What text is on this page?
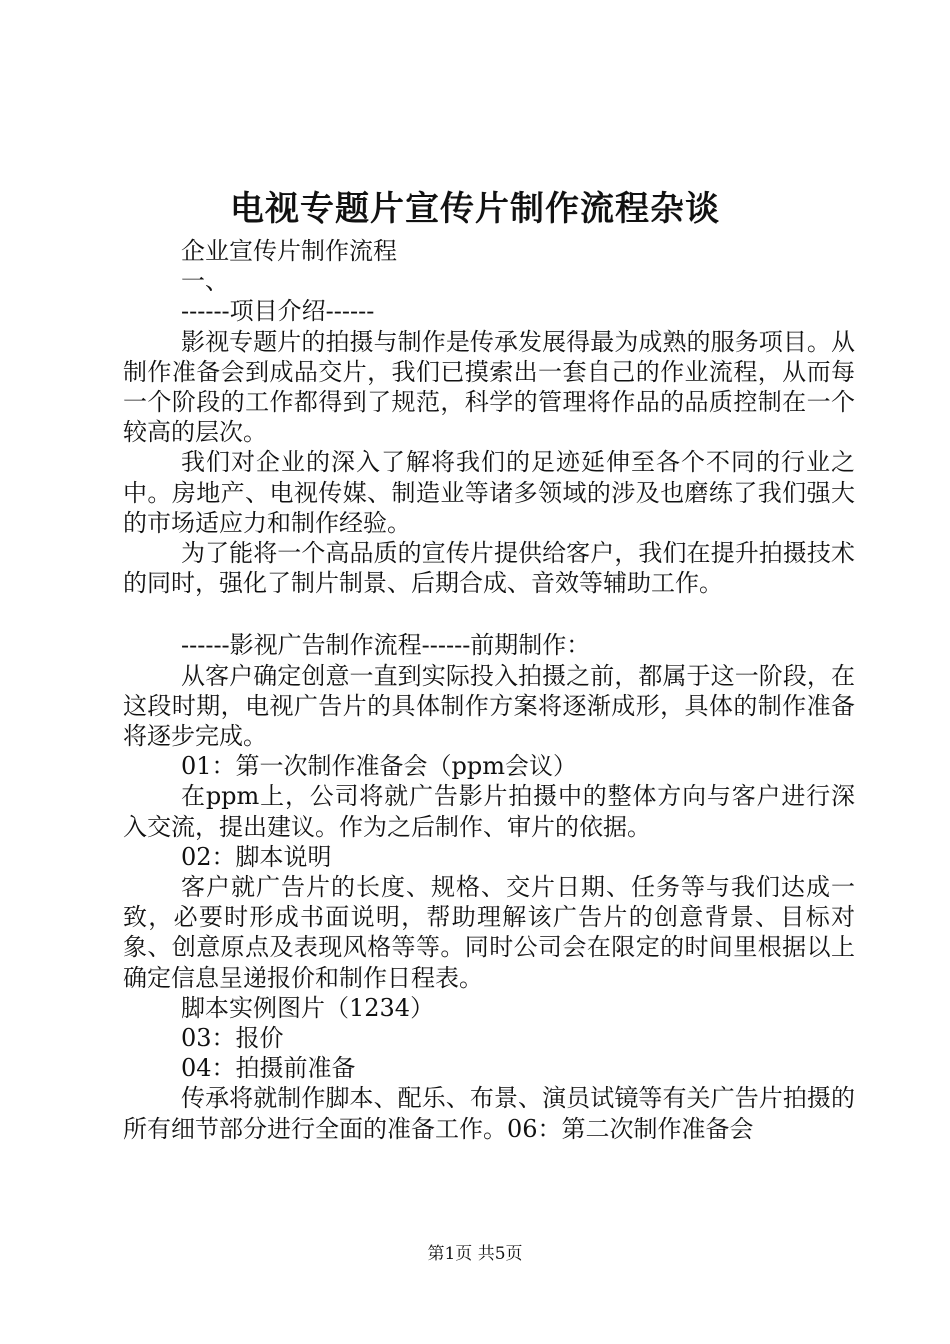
电视专题片宣传片制作流程杂谈

企业宣传片制作流程

一、

------项目介绍------

影视专题片的拍摄与制作是传承发展得最为成熟的服务项目。从制作准备会到成品交片，我们已摸索出一套自己的作业流程，从而每一个阶段的工作都得到了规范，科学的管理将作品的品质控制在一个较高的层次。

我们对企业的深入了解将我们的足迹延伸至各个不同的行业之中。房地产、电视传媒、制造业等诸多领域的涉及也磨练了我们强大的市场适应力和制作经验。

为了能将一个高品质的宣传片提供给客户，我们在提升拍摄技术的同时，强化了制片制景、后期合成、音效等辅助工作。

------影视广告制作流程------前期制作：

从客户确定创意一直到实际投入拍摄之前，都属于这一阶段，在这段时期，电视广告片的具体制作方案将逐渐成形，具体的制作准备将逐步完成。

01：第一次制作准备会（ppm会议）

在ppm上，公司将就广告影片拍摄中的整体方向与客户进行深入交流，提出建议。作为之后制作、审片的依据。

02：脚本说明

客户就广告片的长度、规格、交片日期、任务等与我们达成一致，必要时形成书面说明，帮助理解该广告片的创意背景、目标对象、创意原点及表现风格等等。同时公司会在限定的时间里根据以上确定信息呈递报价和制作日程表。

脚本实例图片（1234）

03：报价

04：拍摄前准备

传承将就制作脚本、配乐、布景、演员试镜等有关广告片拍摄的所有细节部分进行全面的准备工作。06：第二次制作准备会

第1页 共5页
